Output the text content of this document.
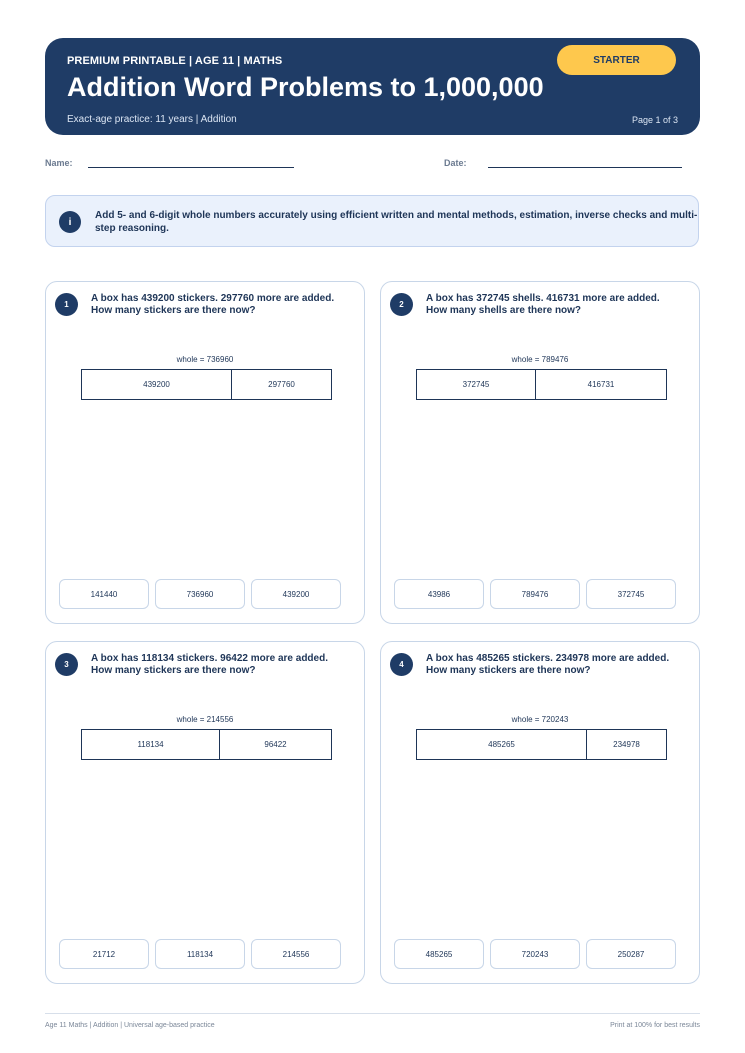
PREMIUM PRINTABLE | AGE 11 | MATHS
Addition Word Problems to 1,000,000
Exact-age practice: 11 years | Addition	Page 1 of 3
STARTER
Name:	Date:
i
Add 5- and 6-digit whole numbers accurately using efficient written and mental methods, estimation, inverse checks and multi-step reasoning.
1
A box has 439200 stickers. 297760 more are added. How many stickers are there now?
whole = 736960
439200	297760
141440	736960	439200
2
A box has 372745 shells. 416731 more are added. How many shells are there now?
whole = 789476
372745	416731
43986	789476	372745
3
A box has 118134 stickers. 96422 more are added. How many stickers are there now?
whole = 214556
118134	96422
21712	118134	214556
4
A box has 485265 stickers. 234978 more are added. How many stickers are there now?
whole = 720243
485265	234978
485265	720243	250287
Age 11 Maths | Addition | Universal age-based practice	Print at 100% for best results
